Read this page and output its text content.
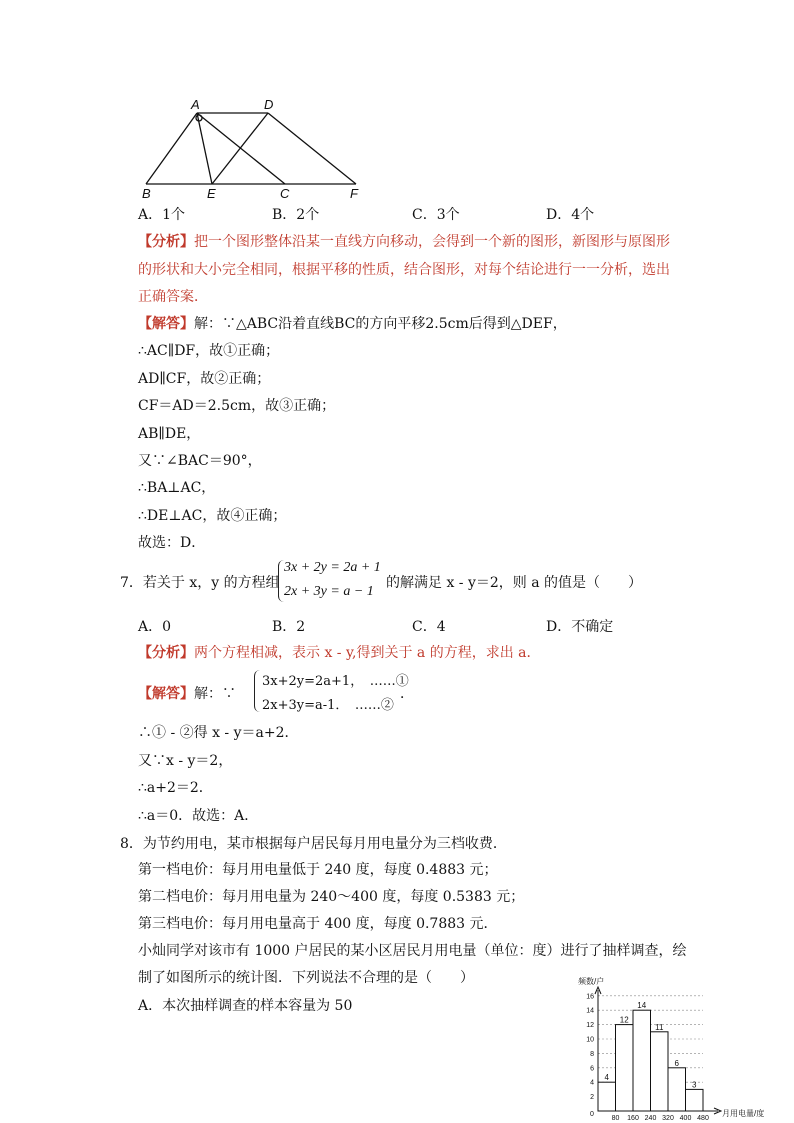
A	D
B	E	C	F
A．1个	B．2个	C．3个	D．4个
【分析】把一个图形整体沿某一直线方向移动，会得到一个新的图形，新图形与原图形
的形状和大小完全相同，根据平移的性质，结合图形，对每个结论进行一一分析，选出
正确答案．
【解答】解：∵△ABC沿着直线BC的方向平移2.5cm后得到△DEF，
∴AC∥DF，故①正确；
AD∥CF，故②正确；
CF＝AD＝2.5cm，故③正确；
AB∥DE，
又∵∠BAC＝90°，
∴BA⊥AC，
∴DE⊥AC，故④正确；
故选：D．
7．若关于 x，y 的方程组
3x + 2y = 2a + 1
2x + 3y = a − 1
的解满足 x - y＝2，则 a 的值是（　　）
A．0	B．2	C．4	D．不确定
【分析】两个方程相减，表示 x - y,得到关于 a 的方程，求出 a．
【解答】解：∵
3x+2y=2a+1，　……①
2x+3y=a-1．　……②
．
∴① - ②得 x - y＝a+2．
又∵x - y＝2，
∴a+2＝2．
∴a＝0．故选：A．
8．为节约用电，某市根据每户居民每月用电量分为三档收费．
第一档电价：每月用电量低于 240 度，每度 0.4883 元；
第二档电价：每月用电量为 240～400 度，每度 0.5383 元；
第三档电价：每月用电量高于 400 度，每度 0.7883 元．
小灿同学对该市有 1000 户居民的某小区居民月用电量（单位：度）进行了抽样调查，绘
制了如图所示的统计图．下列说法不合理的是（　　）
A．本次抽样调查的样本容量为 50
2
4
6
8
10
12
14
16
4
12
14
11
6
3
80 160 240 320 400 480
频数/户
月用电量/度
0
